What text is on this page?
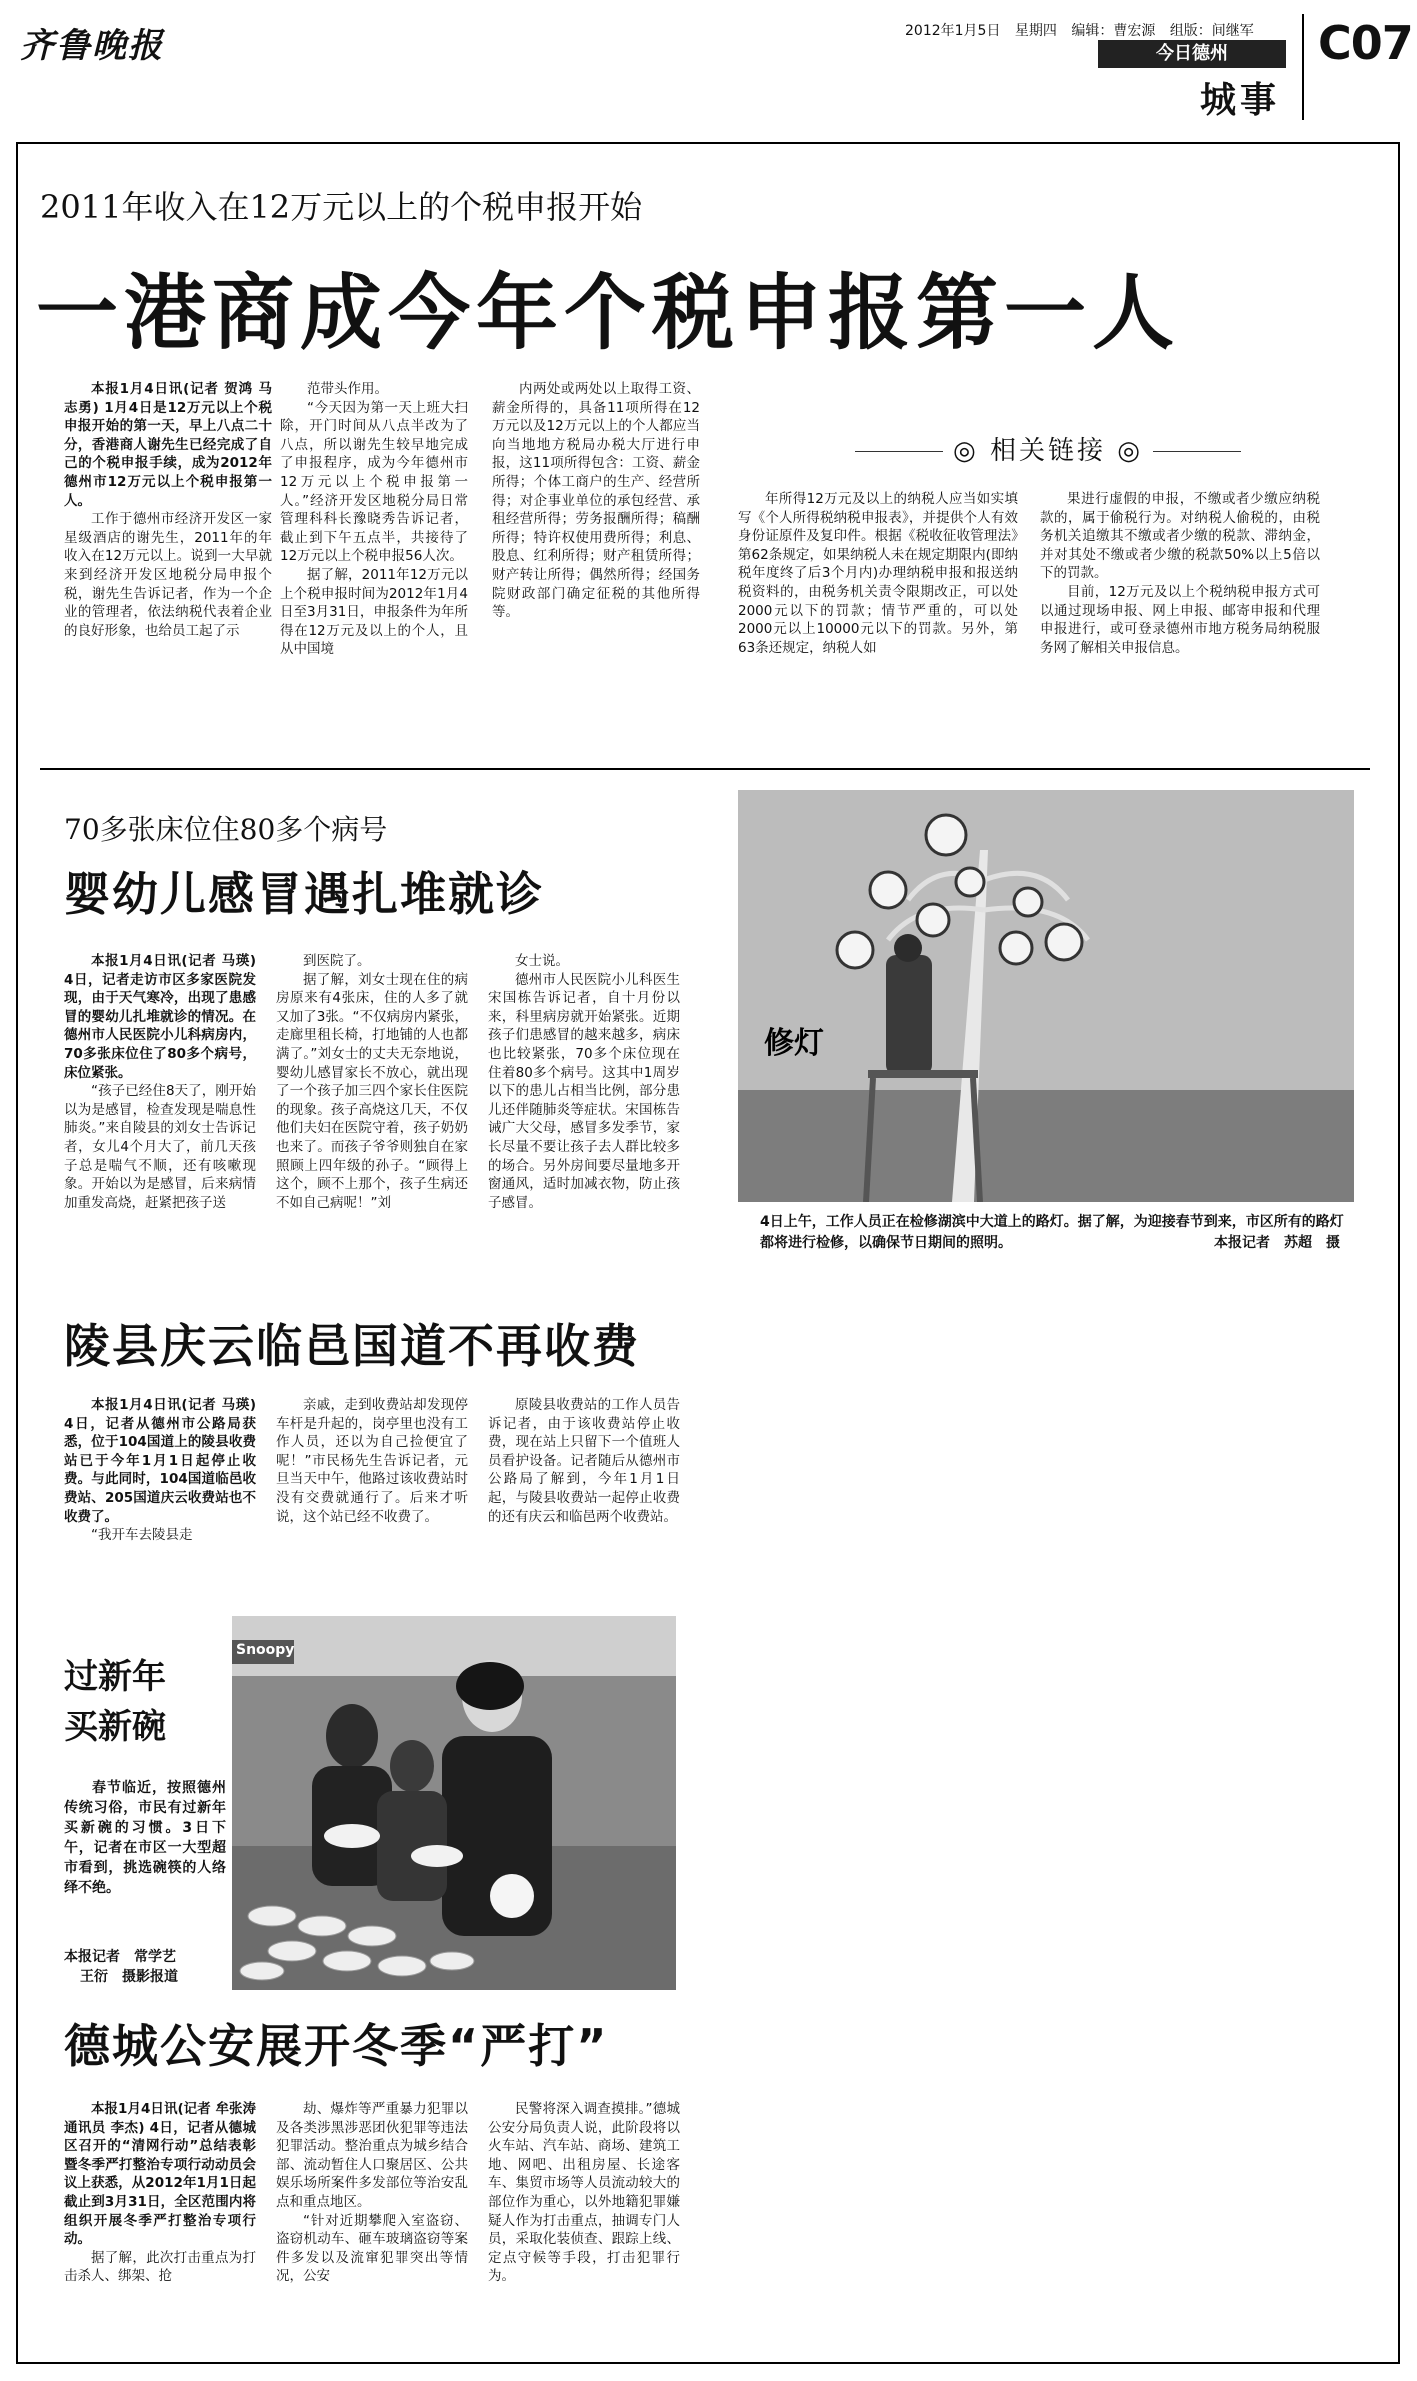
齐鲁晚报	2012年1月5日 星期四 编辑：曹宏源 组版：间继军
今日德州
城事
C07
2011年收入在12万元以上的个税申报开始
一港商成今年个税申报第一人

本报1月4日讯(记者 贺鸿 马志勇) 1月4日是12万元以上个税申报开始的第一天，早上八点二十分，香港商人谢先生已经完成了自己的个税申报手续，成为2012年德州市12万元以上个税申报第一人。

工作于德州市经济开发区一家星级酒店的谢先生，2011年的年收入在12万元以上。说到一大早就来到经济开发区地税分局申报个税，谢先生告诉记者，作为一个企业的管理者，依法纳税代表着企业的良好形象，也给员工起了示

范带头作用。

“今天因为第一天上班大扫除，开门时间从八点半改为了八点，所以谢先生较早地完成了申报程序，成为今年德州市12万元以上个税申报第一人。”经济开发区地税分局日常管理科科长豫晓秀告诉记者，截止到下午五点半，共接待了12万元以上个税申报56人次。

据了解，2011年12万元以上个税申报时间为2012年1月4日至3月31日，申报条件为年所得在12万元及以上的个人，且从中国境

内两处或两处以上取得工资、薪金所得的，具备11项所得在12万元以及12万元以上的个人都应当向当地地方税局办税大厅进行申报，这11项所得包含：工资、薪金所得；个体工商户的生产、经营所得；对企事业单位的承包经营、承租经营所得；劳务报酬所得；稿酬所得；特许权使用费所得；利息、股息、红利所得；财产租赁所得；财产转让所得；偶然所得；经国务院财政部门确定征税的其他所得等。

◎ 相关链接 ◎

年所得12万元及以上的纳税人应当如实填写《个人所得税纳税申报表》，并提供个人有效身份证原件及复印件。根据《税收征收管理法》第62条规定，如果纳税人未在规定期限内(即纳税年度终了后3个月内)办理纳税申报和报送纳税资料的，由税务机关责令限期改正，可以处2000元以下的罚款；情节严重的，可以处2000元以上10000元以下的罚款。另外，第63条还规定，纳税人如

果进行虚假的申报，不缴或者少缴应纳税款的，属于偷税行为。对纳税人偷税的，由税务机关追缴其不缴或者少缴的税款、滞纳金，并对其处不缴或者少缴的税款50%以上5倍以下的罚款。

目前，12万元及以上个税纳税申报方式可以通过现场申报、网上申报、邮寄申报和代理申报进行，或可登录德州市地方税务局纳税服务网了解相关申报信息。

70多张床位住80多个病号
婴幼儿感冒遇扎堆就诊

本报1月4日讯(记者 马瑛) 4日，记者走访市区多家医院发现，由于天气寒冷，出现了患感冒的婴幼儿扎堆就诊的情况。在德州市人民医院小儿科病房内，70多张床位住了80多个病号，床位紧张。

“孩子已经住8天了，刚开始以为是感冒，检查发现是喘息性肺炎。”来自陵县的刘女士告诉记者，女儿4个月大了，前几天孩子总是喘气不顺，还有咳嗽现象。开始以为是感冒，后来病情加重发高烧，赶紧把孩子送

到医院了。

据了解，刘女士现在住的病房原来有4张床，住的人多了就又加了3张。“不仅病房内紧张，走廊里租长椅，打地铺的人也都满了。”刘女士的丈夫无奈地说，婴幼儿感冒家长不放心，就出现了一个孩子加三四个家长住医院的现象。孩子高烧这几天，不仅他们夫妇在医院守着，孩子奶奶也来了。而孩子爷爷则独自在家照顾上四年级的孙子。“顾得上这个，顾不上那个，孩子生病还不如自己病呢！”刘

女士说。

德州市人民医院小儿科医生宋国栋告诉记者，自十月份以来，科里病房就开始紧张。近期孩子们患感冒的越来越多，病床也比较紧张，70多个床位现在住着80多个病号。这其中1周岁以下的患儿占相当比例，部分患儿还伴随肺炎等症状。宋国栋告诫广大父母，感冒多发季节，家长尽量不要让孩子去人群比较多的场合。另外房间要尽量地多开窗通风，适时加减衣物，防止孩子感冒。

修灯
4日上午，工作人员正在检修湖滨中大道上的路灯。据了解，为迎接春节到来，市区所有的路灯都将进行检修，以确保节日期间的照明。	本报记者　苏超　摄
陵县庆云临邑国道不再收费

本报1月4日讯(记者 马瑛) 4日，记者从德州市公路局获悉，位于104国道上的陵县收费站已于今年1月1日起停止收费。与此同时，104国道临邑收费站、205国道庆云收费站也不收费了。

“我开车去陵县走

亲戚，走到收费站却发现停车杆是升起的，岗亭里也没有工作人员，还以为自己捡便宜了呢！”市民杨先生告诉记者，元旦当天中午，他路过该收费站时没有交费就通行了。后来才听说，这个站已经不收费了。

原陵县收费站的工作人员告诉记者，由于该收费站停止收费，现在站上只留下一个值班人员看护设备。记者随后从德州市公路局了解到，今年1月1日起，与陵县收费站一起停止收费的还有庆云和临邑两个收费站。

过新年
买新碗

春节临近，按照德州传统习俗，市民有过新年买新碗的习惯。3日下午，记者在市区一大型超市看到，挑选碗筷的人络绎不绝。

本报记者　常学艺
王衍　摄影报道
Snoopy
德城公安展开冬季“严打”

本报1月4日讯(记者 牟张涛 通讯员 李杰) 4日，记者从德城区召开的“清网行动”总结表彰暨冬季严打整治专项行动动员会议上获悉，从2012年1月1日起截止到3月31日，全区范围内将组织开展冬季严打整治专项行动。

据了解，此次打击重点为打击杀人、绑架、抢

劫、爆炸等严重暴力犯罪以及各类涉黑涉恶团伙犯罪等违法犯罪活动。整治重点为城乡结合部、流动暂住人口聚居区、公共娱乐场所案件多发部位等治安乱点和重点地区。

“针对近期攀爬入室盗窃、盗窃机动车、砸车玻璃盗窃等案件多发以及流窜犯罪突出等情况，公安

民警将深入调查摸排。”德城公安分局负责人说，此阶段将以火车站、汽车站、商场、建筑工地、网吧、出租房屋、长途客车、集贸市场等人员流动较大的部位作为重心，以外地籍犯罪嫌疑人作为打击重点，抽调专门人员，采取化装侦查、跟踪上线、定点守候等手段，打击犯罪行为。
